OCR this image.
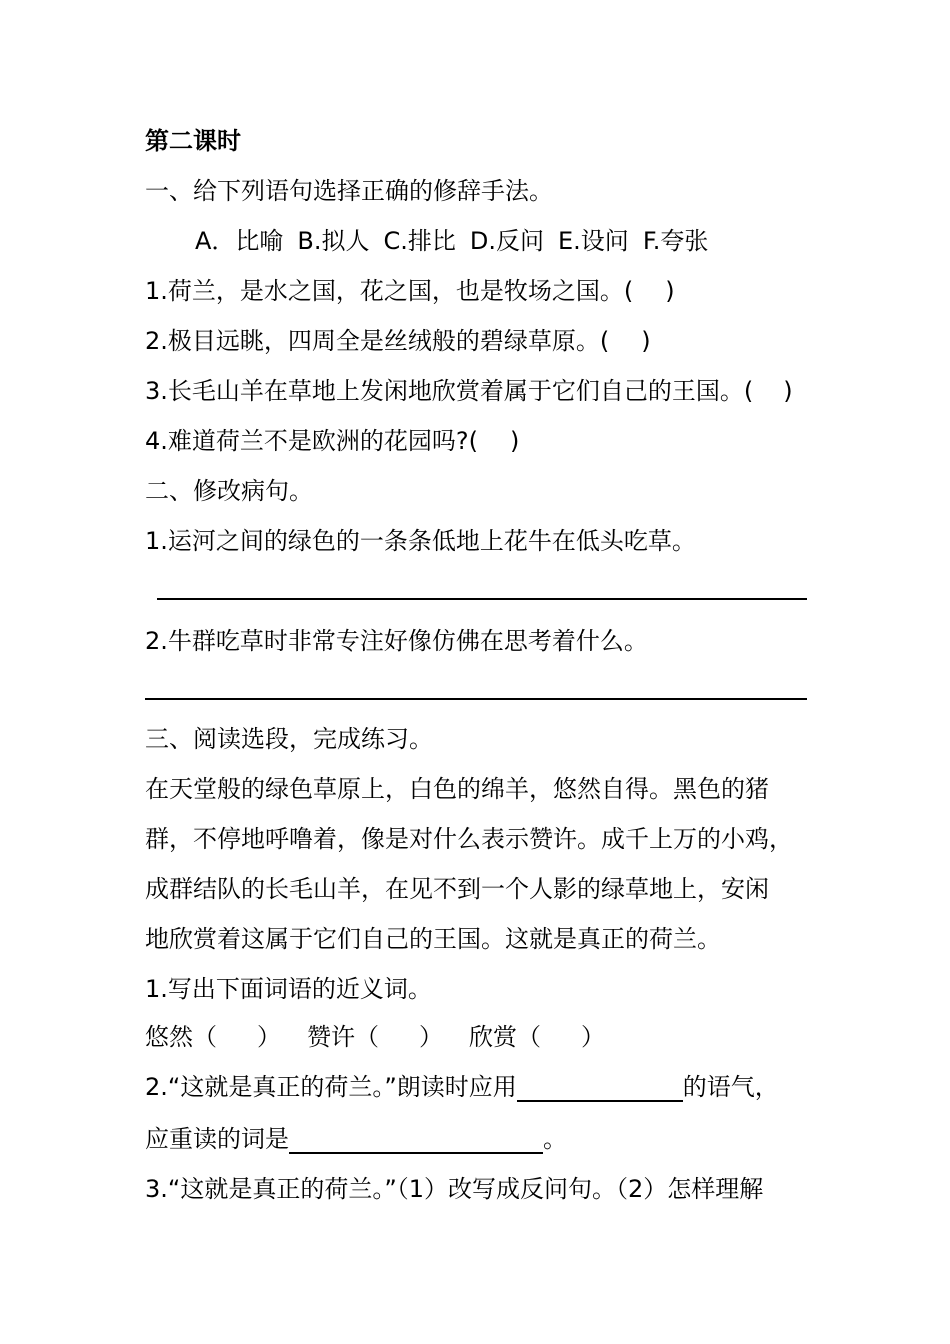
第二课时
一、给下列语句选择正确的修辞手法。
A．比喻 B.拟人 C.排比 D.反问 E.设问 F.夸张
1.荷兰，是水之国，花之国，也是牧场之国。( )
2.极目远眺，四周全是丝绒般的碧绿草原。( )
3.长毛山羊在草地上发闲地欣赏着属于它们自己的王国。( )
4.难道荷兰不是欧洲的花园吗?( )
二、修改病句。
1.运河之间的绿色的一条条低地上花牛在低头吃草。
2.牛群吃草时非常专注好像仿佛在思考着什么。
三、阅读选段，完成练习。
在天堂般的绿色草原上，白色的绵羊，悠然自得。黑色的猪
群，不停地呼噜着，像是对什么表示赞许。成千上万的小鸡，
成群结队的长毛山羊，在见不到一个人影的绿草地上，安闲
地欣赏着这属于它们自己的王国。这就是真正的荷兰。
1.写出下面词语的近义词。
悠然（ ） 赞许（ ） 欣赏（ ）
2.“这就是真正的荷兰。”朗读时应用	的语气，
应重读的词是	。
3.“这就是真正的荷兰。”（1）改写成反问句。（2）怎样理解
